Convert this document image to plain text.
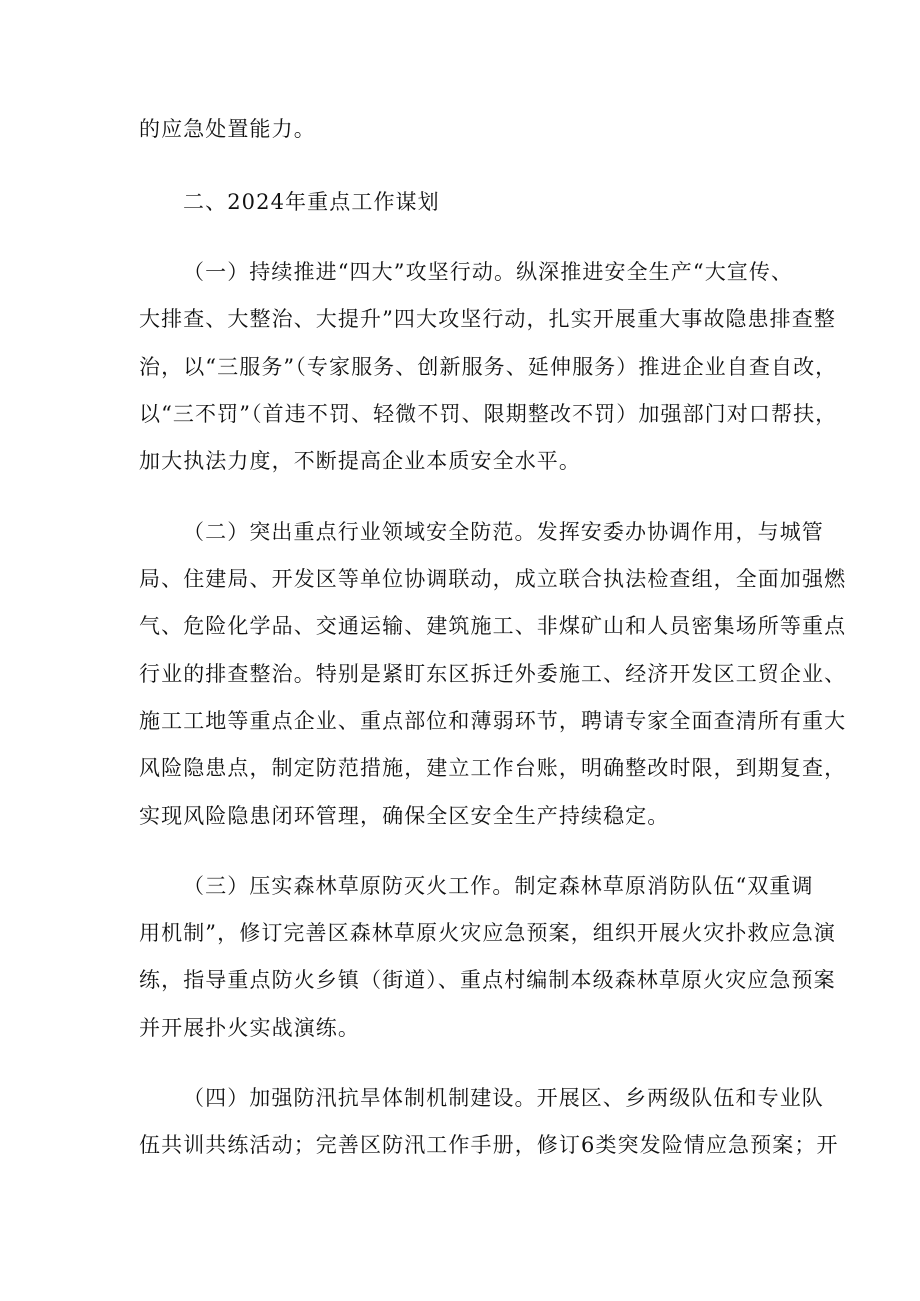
的应急处置能力。
二、2024年重点工作谋划
（一）持续推进“四大”攻坚行动。纵深推进安全生产“大宣传、
大排查、大整治、大提升”四大攻坚行动，扎实开展重大事故隐患排查整
治，以“三服务”（专家服务、创新服务、延伸服务）推进企业自查自改，
以“三不罚”（首违不罚、轻微不罚、限期整改不罚）加强部门对口帮扶，
加大执法力度，不断提高企业本质安全水平。
（二）突出重点行业领域安全防范。发挥安委办协调作用，与城管
局、住建局、开发区等单位协调联动，成立联合执法检查组，全面加强燃
气、危险化学品、交通运输、建筑施工、非煤矿山和人员密集场所等重点
行业的排查整治。特别是紧盯东区拆迁外委施工、经济开发区工贸企业、
施工工地等重点企业、重点部位和薄弱环节，聘请专家全面查清所有重大
风险隐患点，制定防范措施，建立工作台账，明确整改时限，到期复查，
实现风险隐患闭环管理，确保全区安全生产持续稳定。
（三）压实森林草原防灭火工作。制定森林草原消防队伍“双重调
用机制”，修订完善区森林草原火灾应急预案，组织开展火灾扑救应急演
练，指导重点防火乡镇（街道）、重点村编制本级森林草原火灾应急预案
并开展扑火实战演练。
（四）加强防汛抗旱体制机制建设。开展区、乡两级队伍和专业队
伍共训共练活动；完善区防汛工作手册，修订6类突发险情应急预案；开
